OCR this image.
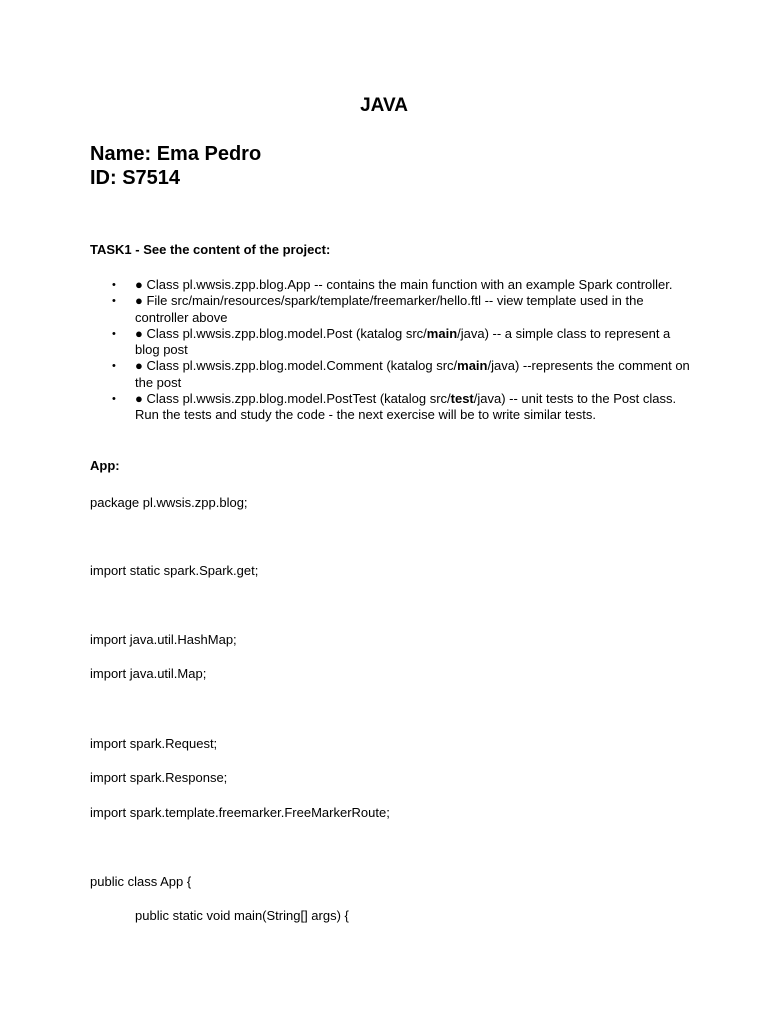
JAVA
Name: Ema Pedro
ID: S7514
TASK1 - See the content of the project:
• ● Class pl.wwsis.zpp.blog.App -- contains the main function with an example Spark controller.
• ● File src/main/resources/spark/template/freemarker/hello.ftl -- view template used in the controller above
• ● Class pl.wwsis.zpp.blog.model.Post (katalog src/main/java) -- a simple class to represent a blog post
• ● Class pl.wwsis.zpp.blog.model.Comment (katalog src/main/java) --represents the comment on the post
• ● Class pl.wwsis.zpp.blog.model.PostTest (katalog src/test/java) -- unit tests to the Post class. Run the tests and study the code - the next exercise will be to write similar tests.
App:
package pl.wwsis.zpp.blog;
import static spark.Spark.get;
import java.util.HashMap;
import java.util.Map;
import spark.Request;
import spark.Response;
import spark.template.freemarker.FreeMarkerRoute;
public class App {
public static void main(String[] args) {
